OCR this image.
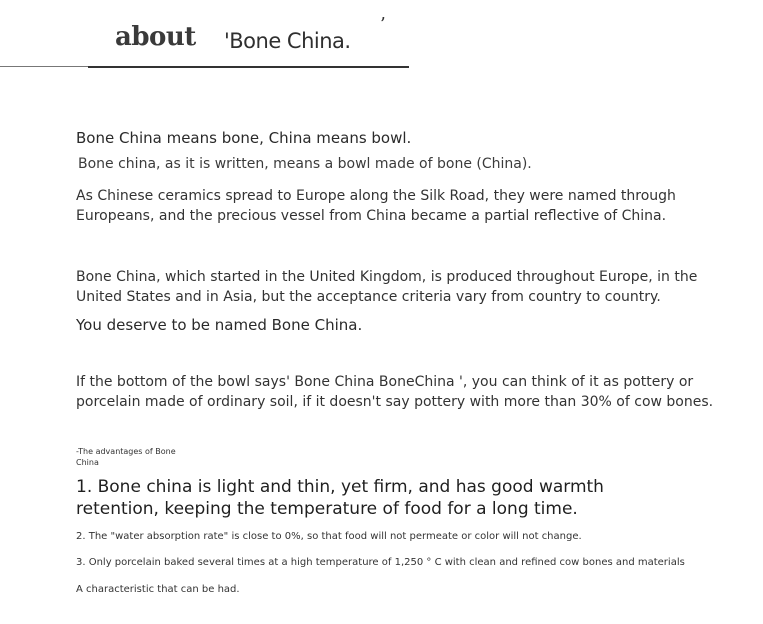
about 'Bone China.
’
Bone China means bone, China means bowl.
Bone china, as it is written, means a bowl made of bone (China).
As Chinese ceramics spread to Europe along the Silk Road, they were named through Europeans, and the precious vessel from China became a partial reflective of China.
Bone China, which started in the United Kingdom, is produced throughout Europe, in the United States and in Asia, but the acceptance criteria vary from country to country.
You deserve to be named Bone China.
If the bottom of the bowl says' Bone China BoneChina ', you can think of it as pottery or porcelain made of ordinary soil, if it doesn't say pottery with more than 30% of cow bones.
-The advantages of Bone China
1. Bone china is light and thin, yet firm, and has good warmth retention, keeping the temperature of food for a long time.
2. The "water absorption rate" is close to 0%, so that food will not permeate or color will not change.
3. Only porcelain baked several times at a high temperature of 1,250 ° C with clean and refined cow bones and materials
A characteristic that can be had.
